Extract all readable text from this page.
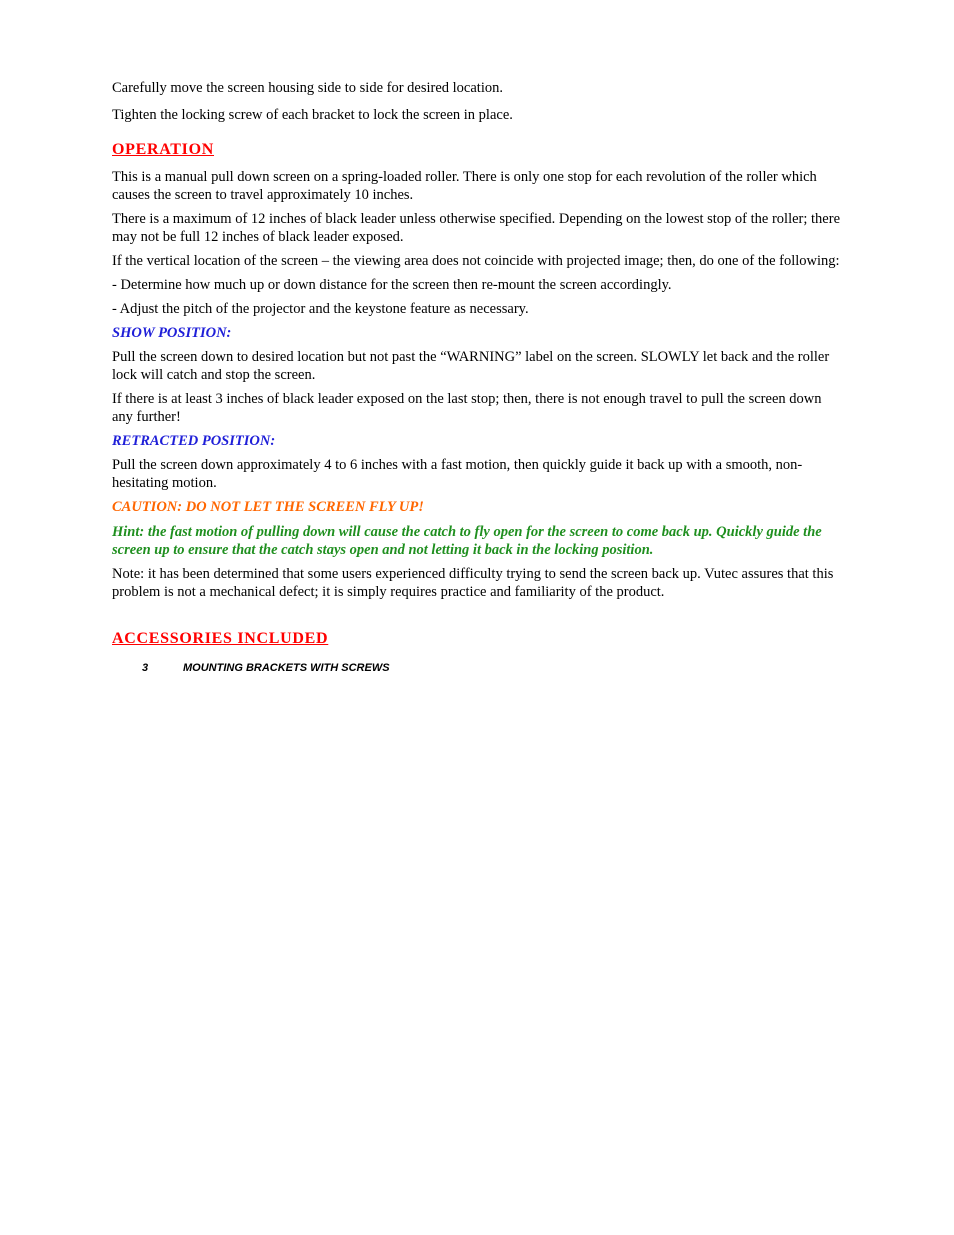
Carefully move the screen housing side to side for desired location.

Tighten the locking screw of each bracket to lock the screen in place.

OPERATION

This is a manual pull down screen on a spring-loaded roller. There is only one stop for each revolution of the roller which causes the screen to travel approximately 10 inches.

There is a maximum of 12 inches of black leader unless otherwise specified. Depending on the lowest stop of the roller; there may not be full 12 inches of black leader exposed.

If the vertical location of the screen – the viewing area does not coincide with projected image; then, do one of the following:

- Determine how much up or down distance for the screen then re-mount the screen accordingly.

- Adjust the pitch of the projector and the keystone feature as necessary.

SHOW POSITION:

Pull the screen down to desired location but not past the “WARNING” label on the screen. SLOWLY let back and the roller lock will catch and stop the screen.

If there is at least 3 inches of black leader exposed on the last stop; then, there is not enough travel to pull the screen down any further!

RETRACTED POSITION:

Pull the screen down approximately 4 to 6 inches with a fast motion, then quickly guide it back up with a smooth, non-hesitating motion.

CAUTION: DO NOT LET THE SCREEN FLY UP!

Hint: the fast motion of pulling down will cause the catch to fly open for the screen to come back up. Quickly guide the screen up to ensure that the catch stays open and not letting it back in the locking position.

Note: it has been determined that some users experienced difficulty trying to send the screen back up. Vutec assures that this problem is not a mechanical defect; it is simply requires practice and familiarity of the product.

ACCESSORIES INCLUDED
3	MOUNTING BRACKETS WITH SCREWS
